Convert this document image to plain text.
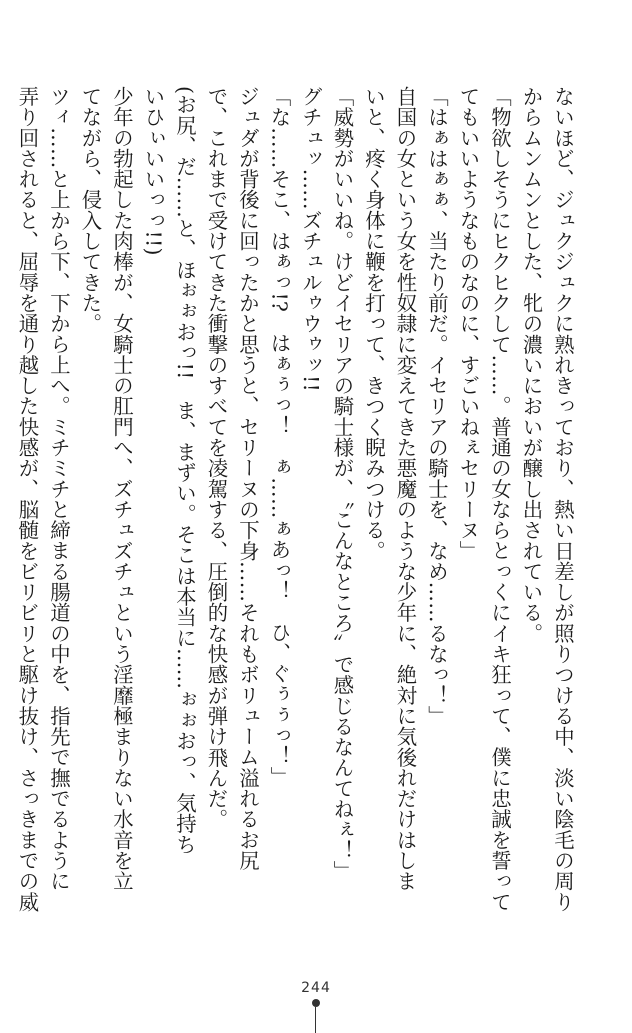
ないほど、ジュクジュクに熟れきっており、熱い日差しが照りつける中、淡い陰毛の周り
からムンムンとした、牝の濃いにおいが醸し出されている。
「物欲しそうにヒクヒクして……。普通の女ならとっくにイキ狂って、僕に忠誠を誓って
てもいいようなものなのに、すごいねぇセリーヌ」
「はぁはぁぁ、当たり前だ。イセリアの騎士を、なめ……るなっ！」
自国の女という女を性奴隷に変えてきた悪魔のような少年に、絶対に気後れだけはしま
いと、疼く身体に鞭を打って、きつく睨みつける。
「威勢がいいね。けどイセリアの騎士様が、〝こんなところ〟で感じるなんてねぇ！」
グチュッ……ズチュルゥウゥッ!!
「な……そこ、はぁっ!?　はぁぅっ！　ぁ……ぁあっ！　ひ、ぐぅぅっ！」
ジュダが背後に回ったかと思うと、セリーヌの下身……それもボリューム溢れるお尻
で、これまで受けてきた衝撃のすべてを凌駕する、圧倒的な快感が弾け飛んだ。
(お尻、だ……と、ほぉぉおっ!!　ま、まずい。そこは本当に……ぉぉおっ、気持ち
いひぃいいっっ!!)
少年の勃起した肉棒が、女騎士の肛門へ、ズチュズチュという淫靡極まりない水音を立
てながら、侵入してきた。
ツィ……と上から下、下から上へ。ミチミチと締まる腸道の中を、指先で撫でるように
弄り回されると、屈辱を通り越した快感が、脳髄をビリビリと駆け抜け、さっきまでの威
244
